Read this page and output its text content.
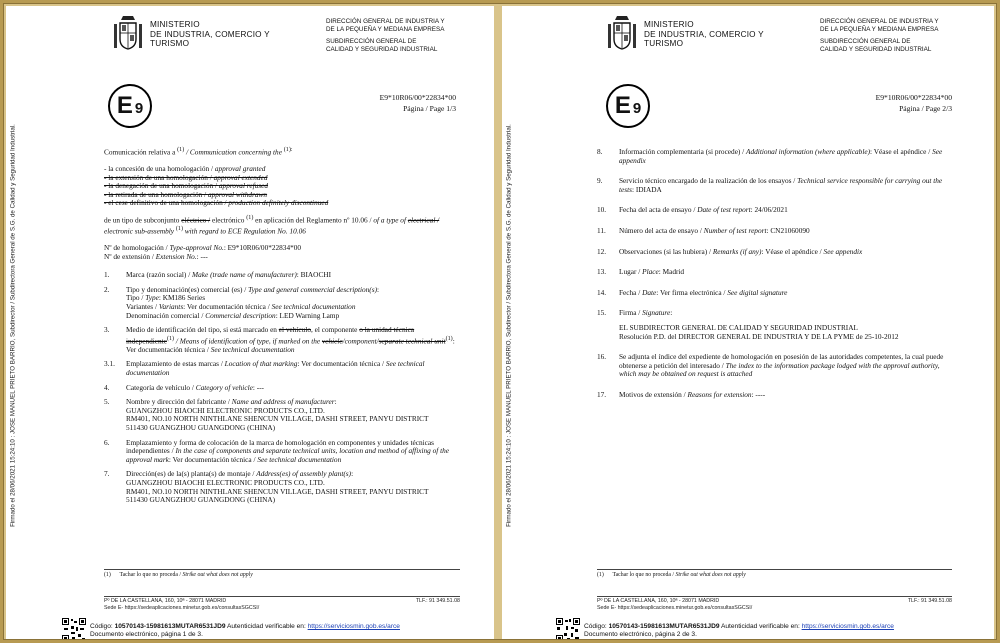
Firmado el 28/06/2021 15:24:10 : JOSE MANUEL PRIETO BARRIO, Subdirector / Subdirectora General de S.G. de Calidad y Seguridad Industrial.
MINISTERIO
DE INDUSTRIA, COMERCIO Y
TURISMO
DIRECCIÓN GENERAL DE INDUSTRIA Y
DE LA PEQUEÑA Y MEDIANA EMPRESA
SUBDIRECCIÓN GENERAL DE
CALIDAD Y SEGURIDAD INDUSTRIAL
E 9
E9*10R06/00*22834*00
Página / Page 1/3

Comunicación relativa a $^{(1)}$ / Communication concerning the $^{(1):}$

- la concesión de una homologación / approval granted
- la extensión de una homologación / approval extended
- la denegación de una homologación / approval refused
- la retirada de una homologación / approval withdrawn
- el cese definitivo de una homologación / production definitely discontinued

de un tipo de subconjunto eléctrico / electrónico $^{(1)}$ en aplicación del Reglamento nº 10.06 / of a type of electrical / electronic sub-assembly $^{(1)}$ with regard to ECE Regulation No. 10.06

Nº de homologación / Type-approval No.: E9*10R06/00*22834*00
Nº de extensión / Extension No.: ---
1. Marca (razón social) / Make (trade name of manufacturer): BIAOCHI
2. Tipo y denominación(es) comercial (es) / Type and general commercial description(s):
Tipo / Type: KM186 Series
Variantes / Variants: Ver documentación técnica / See technical documentation
Denominación comercial / Commercial description: LED Warning Lamp
3. Medio de identificación del tipo, si está marcado en el vehículo, el componente o la unidad técnica independiente$^{(1)}$ / Means of identification of type, if marked on the vehicle/component/separate technical unit$^{(1)}$: Ver documentación técnica / See technical documentation
3.1. Emplazamiento de estas marcas / Location of that marking: Ver documentación técnica / See technical documentation
4. Categoría de vehículo / Category of vehicle: ---
5. Nombre y dirección del fabricante / Name and address of manufacturer:
GUANGZHOU BIAOCHI ELECTRONIC PRODUCTS CO., LTD.
RM401, NO.10 NORTH NINTHLANE SHENCUN VILLAGE, DASHI STREET, PANYU DISTRICT
511430 GUANGZHOU GUANGDONG (CHINA)
6. Emplazamiento y forma de colocación de la marca de homologación en componentes y unidades técnicas independientes / In the case of components and separate technical units, location and method of affixing of the approval mark: Ver documentación técnica / See technical documentation
7. Dirección(es) de la(s) planta(s) de montaje / Address(es) of assembly plant(s):
GUANGZHOU BIAOCHI ELECTRONIC PRODUCTS CO., LTD.
RM401, NO.10 NORTH NINTHLANE SHENCUN VILLAGE, DASHI STREET, PANYU DISTRICT
511430 GUANGZHOU GUANGDONG (CHINA)
(1) Tachar lo que no proceda / Strike out what does not apply
Pº DE LA CASTELLANA, 160, 10ª - 28071 MADRID
Sede E- https://sedeaplicaciones.minetur.gob.es/consultasSGCSI/
TLF.: 91 349.51.08
Código: 10570143-15981613MUTAR6531JD9 Autenticidad verificable en: https://serviciosmin.gob.es/arce
Documento electrónico, página 1 de 3.
Firmado el 28/06/2021 15:24:10 : JOSE MANUEL PRIETO BARRIO, Subdirector / Subdirectora General de S.G. de Calidad y Seguridad Industrial.
MINISTERIO
DE INDUSTRIA, COMERCIO Y
TURISMO
DIRECCIÓN GENERAL DE INDUSTRIA Y
DE LA PEQUEÑA Y MEDIANA EMPRESA
SUBDIRECCIÓN GENERAL DE
CALIDAD Y SEGURIDAD INDUSTRIAL
E 9
E9*10R06/00*22834*00
Página / Page 2/3
8. Información complementaria (si procede) / Additional information (where applicable): Véase el apéndice / See appendix
9. Servicio técnico encargado de la realización de los ensayos / Technical service responsible for carrying out the tests: IDIADA
10. Fecha del acta de ensayo / Date of test report: 24/06/2021
11. Número del acta de ensayo / Number of test report: CN21060090
12. Observaciones (si las hubiera) / Remarks (if any): Véase el apéndice / See appendix
13. Lugar / Place: Madrid
14. Fecha / Date: Ver firma electrónica / See digital signature
15. Firma / Signature:
EL SUBDIRECTOR GENERAL DE CALIDAD Y SEGURIDAD INDUSTRIAL
Resolución P.D. del DIRECTOR GENERAL DE INDUSTRIA Y DE LA PYME de 25-10-2012
16. Se adjunta el índice del expediente de homologación en posesión de las autoridades competentes, la cual puede obtenerse a petición del interesado / The index to the information package lodged with the approval authority, which may be obtained on request is attached
17. Motivos de extensión / Reasons for extension: ----
(1) Tachar lo que no proceda / Strike out what does not apply
Pº DE LA CASTELLANA, 160, 10ª - 28071 MADRID
Sede E- https://sedeaplicaciones.minetur.gob.es/consultasSGCSI/
TLF.: 91 349.51.08
Código: 10570143-15981613MUTAR6531JD9 Autenticidad verificable en: https://serviciosmin.gob.es/arce
Documento electrónico, página 2 de 3.
